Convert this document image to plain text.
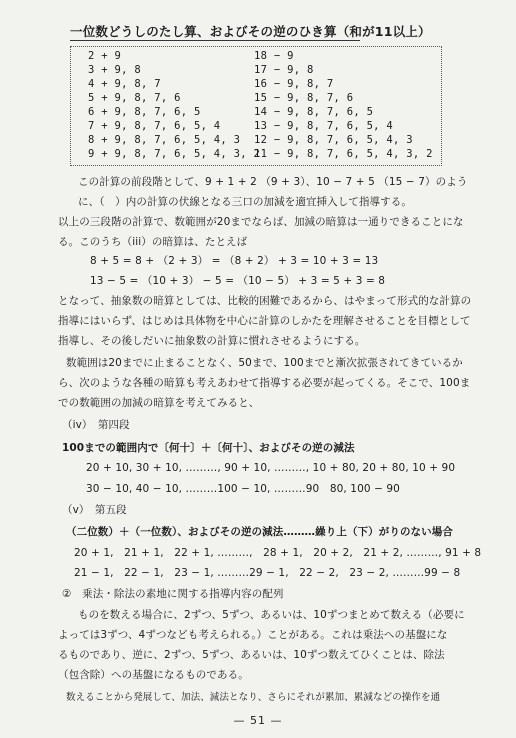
一位数どうしのたし算、およびその逆のひき算（和が11以上）
2 + 9
3 + 9, 8
4 + 9, 8, 7
5 + 9, 8, 7, 6
6 + 9, 8, 7, 6, 5
7 + 9, 8, 7, 6, 5, 4
8 + 9, 8, 7, 6, 5, 4, 3
9 + 9, 8, 7, 6, 5, 4, 3, 2
18 − 9
17 − 9, 8
16 − 9, 8, 7
15 − 9, 8, 7, 6
14 − 9, 8, 7, 6, 5
13 − 9, 8, 7, 6, 5, 4
12 − 9, 8, 7, 6, 5, 4, 3
11 − 9, 8, 7, 6, 5, 4, 3, 2
この計算の前段階として、9 + 1 + 2 （9 + 3）、10 − 7 + 5 （15 − 7）のように、（　）内の計算の伏線となる三口の加減を適宜挿入して指導する。
以上の三段階の計算で、数範囲が20までならば、加減の暗算は一通りできることになる。このうち（iii）の暗算は、たとえば
8 + 5 = 8 + （2 + 3） = （8 + 2） + 3 = 10 + 3 = 13
13 − 5 = （10 + 3） − 5 = （10 − 5） + 3 = 5 + 3 = 8
となって、抽象数の暗算としては、比較的困難であるから、はやまって形式的な計算の
指導にはいらず、はじめは具体物を中心に計算のしかたを理解させることを目標として
指導し、その後しだいに抽象数の計算に慣れさせるようにする。
数範囲は20までに止まることなく、50まで、100までと漸次拡張されてきているか
ら、次のような各種の暗算も考えあわせて指導する必要が起ってくる。そこで、100ま
での数範囲の加減の暗算を考えてみると、
（iv）　第四段
100までの範囲内で〔何十〕＋〔何十〕、およびその逆の減法
20 + 10, 30 + 10, ………, 90 + 10, ………, 10 + 80, 20 + 80, 10 + 90
30 − 10, 40 − 10, ………100 − 10, ………90　80, 100 − 90
（v）　第五段
（二位数）＋（一位数）、およびその逆の減法………繰り上（下）がりのない場合
20 + 1,　21 + 1,　22 + 1, ………,　28 + 1,　20 + 2,　21 + 2, ………, 91 + 8
21 − 1,　22 − 1,　23 − 1, ………29 − 1,　22 − 2,　23 − 2, ………99 − 8
②　乗法・除法の素地に関する指導内容の配列
ものを数える場合に、2ずつ、5ずつ、あるいは、10ずつまとめて数える（必要に
よっては3ずつ、4ずつなども考えられる。）ことがある。これは乗法への基盤にな
るものであり、逆に、2ずつ、5ずつ、あるいは、10ずつ数えてひくことは、除法
（包含除）への基盤になるものである。
数えることから発展して、加法、減法となり、さらにそれが累加、累減などの操作を通
— 51 —
